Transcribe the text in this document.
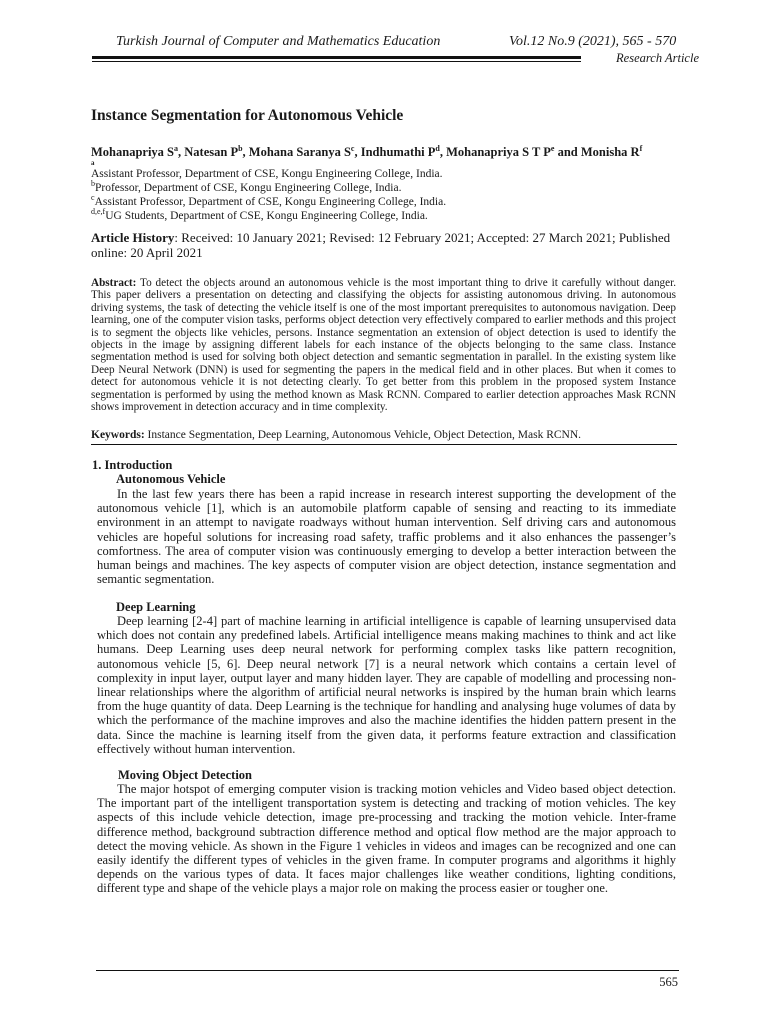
Turkish Journal of Computer and Mathematics Education	Vol.12 No.9 (2021), 565 - 570
Research Article
Instance Segmentation for Autonomous Vehicle
Mohanapriya $S^a$, Natesan $P^b$, Mohana Saranya $S^c$, Indhumathi $P^d$, Mohanapriya S T $P^e$ and Monisha $R^f$
a
Assistant Professor, Department of CSE, Kongu Engineering College, India.
$^b$Professor, Department of CSE, Kongu Engineering College, India.
$^c$Assistant Professor, Department of CSE, Kongu Engineering College, India.
$^{d,e,f}$UG Students, Department of CSE, Kongu Engineering College, India.
Article History: Received: 10 January 2021; Revised: 12 February 2021; Accepted: 27 March 2021; Published online: 20 April 2021
Abstract: To detect the objects around an autonomous vehicle is the most important thing to drive it carefully without danger. This paper delivers a presentation on detecting and classifying the objects for assisting autonomous driving. In autonomous driving systems, the task of detecting the vehicle itself is one of the most important prerequisites to autonomous navigation. Deep learning, one of the computer vision tasks, performs object detection very effectively compared to earlier methods and this project is to segment the objects like vehicles, persons. Instance segmentation an extension of object detection is used to identify the objects in the image by assigning different labels for each instance of the objects belonging to the same class. Instance segmentation method is used for solving both object detection and semantic segmentation in parallel. In the existing system like Deep Neural Network (DNN) is used for segmenting the papers in the medical field and in other places. But when it comes to detect for autonomous vehicle it is not detecting clearly. To get better from this problem in the proposed system Instance segmentation is performed by using the method known as Mask RCNN. Compared to earlier detection approaches Mask RCNN shows improvement in detection accuracy and in time complexity.
Keywords: Instance Segmentation, Deep Learning, Autonomous Vehicle, Object Detection, Mask RCNN.
1. Introduction
Autonomous Vehicle
In the last few years there has been a rapid increase in research interest supporting the development of the autonomous vehicle [1], which is an automobile platform capable of sensing and reacting to its immediate environment in an attempt to navigate roadways without human intervention. Self driving cars and autonomous vehicles are hopeful solutions for increasing road safety, traffic problems and it also enhances the passenger’s comfortness. The area of computer vision was continuously emerging to develop a better interaction between the human beings and machines. The key aspects of computer vision are object detection, instance segmentation and semantic segmentation.
Deep Learning
Deep learning [2-4] part of machine learning in artificial intelligence is capable of learning unsupervised data which does not contain any predefined labels. Artificial intelligence means making machines to think and act like humans. Deep Learning uses deep neural network for performing complex tasks like pattern recognition, autonomous vehicle [5, 6]. Deep neural network [7] is a neural network which contains a certain level of complexity in input layer, output layer and many hidden layer. They are capable of modelling and processing non-linear relationships where the algorithm of artificial neural networks is inspired by the human brain which learns from the huge quantity of data. Deep Learning is the technique for handling and analysing huge volumes of data by which the performance of the machine improves and also the machine identifies the hidden pattern present in the data. Since the machine is learning itself from the given data, it performs feature extraction and classification effectively without human intervention.
Moving Object Detection
The major hotspot of emerging computer vision is tracking motion vehicles and Video based object detection. The important part of the intelligent transportation system is detecting and tracking of motion vehicles. The key aspects of this include vehicle detection, image pre-processing and tracking the motion vehicle. Inter-frame difference method, background subtraction difference method and optical flow method are the major approach to detect the moving vehicle. As shown in the Figure 1 vehicles in videos and images can be recognized and one can easily identify the different types of vehicles in the given frame. In computer programs and algorithms it highly depends on the various types of data. It faces major challenges like weather conditions, lighting conditions, different type and shape of the vehicle plays a major role on making the process easier or tougher one.
565
